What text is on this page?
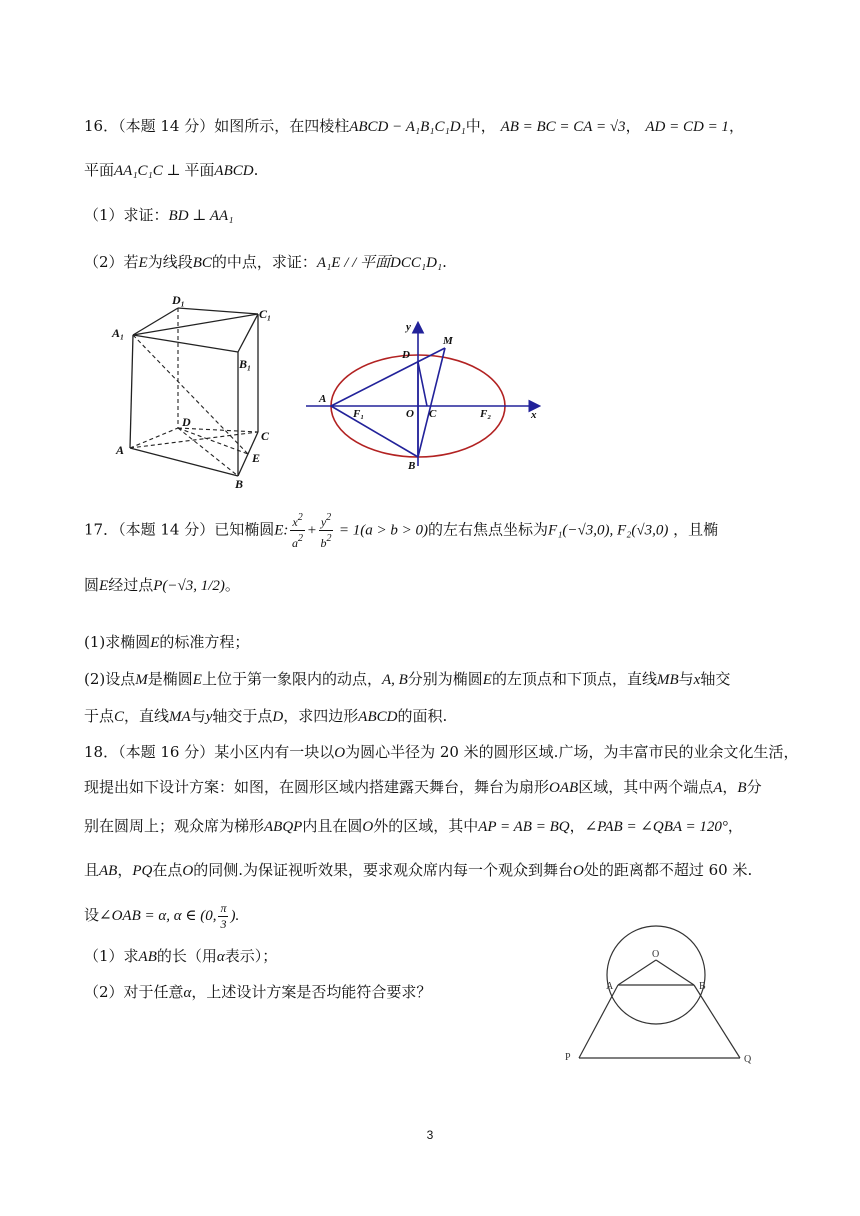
16．（本题 14 分）如图所示，在四棱柱ABCD − A₁B₁C₁D₁中， AB = BC = CA = √3， AD = CD = 1，
平面AA₁C₁C ⊥ 平面ABCD.
（1）求证：BD ⊥ AA₁
（2）若E为线段BC的中点，求证：A₁E / / 平面DCC₁D₁.
D₁
C₁
A₁
B₁
D
C
A
E
B
y
M
D
A
F₁	O C	F₂	x
B
17．（本题 14 分）已知椭圆E: $\frac{x^2}{a^2} + \frac{y^2}{b^2} = 1(a > b > 0)$的左右焦点坐标为F₁(−√3,0), F₂(√3,0) ，且椭
圆E经过点P(−√3, 1/2)。
(1)求椭圆E的标准方程；
(2)设点M是椭圆E上位于第一象限内的动点，A, B分别为椭圆E的左顶点和下顶点，直线MB与x轴交
于点C，直线MA与y轴交于点D，求四边形ABCD的面积.
18．（本题 16 分）某小区内有一块以O为圆心半径为 20 米的圆形区域.广场，为丰富市民的业余文化生活，
现提出如下设计方案：如图，在圆形区域内搭建露天舞台，舞台为扇形OAB区域，其中两个端点A，B分
别在圆周上；观众席为梯形ABQP内且在圆O外的区域，其中AP = AB = BQ，∠PAB = ∠QBA = 120°，
且AB，PQ在点O的同侧.为保证视听效果，要求观众席内每一个观众到舞台O处的距离都不超过 60 米.
设∠OAB = α, α ∈ (0, $\frac{\pi}{3}$ ).
（1）求AB的长（用α表示）；
（2）对于任意α，上述设计方案是否均能符合要求？
O
A	B
P	Q
3
